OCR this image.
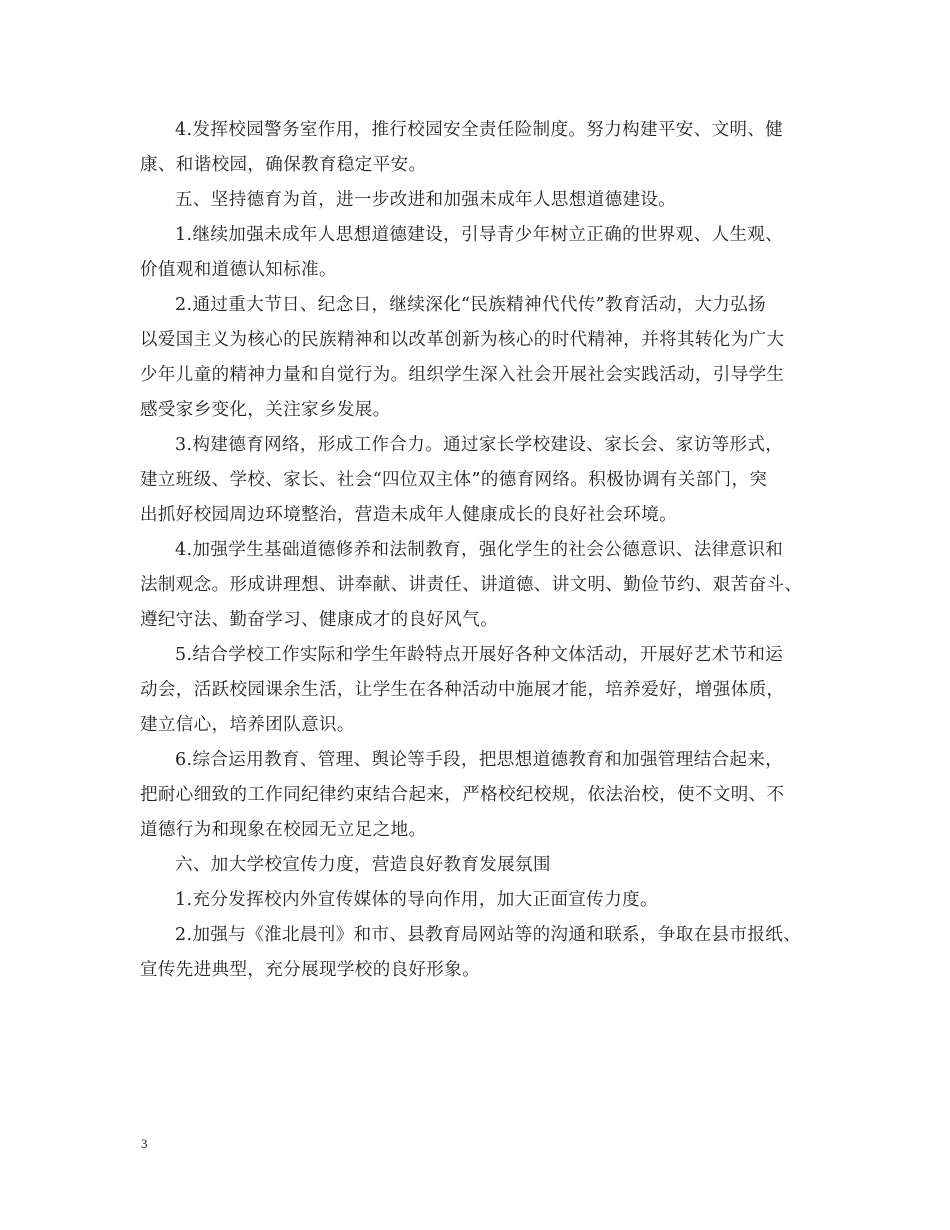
4.发挥校园警务室作用，推行校园安全责任险制度。努力构建平安、文明、健
康、和谐校园，确保教育稳定平安。
五、坚持德育为首，进一步改进和加强未成年人思想道德建设。
1.继续加强未成年人思想道德建设，引导青少年树立正确的世界观、人生观、
价值观和道德认知标准。
2.通过重大节日、纪念日，继续深化“民族精神代代传”教育活动，大力弘扬
以爱国主义为核心的民族精神和以改革创新为核心的时代精神，并将其转化为广大
少年儿童的精神力量和自觉行为。组织学生深入社会开展社会实践活动，引导学生
感受家乡变化，关注家乡发展。
3.构建德育网络，形成工作合力。通过家长学校建设、家长会、家访等形式，
建立班级、学校、家长、社会“四位双主体”的德育网络。积极协调有关部门，突
出抓好校园周边环境整治，营造未成年人健康成长的良好社会环境。
4.加强学生基础道德修养和法制教育，强化学生的社会公德意识、法律意识和
法制观念。形成讲理想、讲奉献、讲责任、讲道德、讲文明、勤俭节约、艰苦奋斗、
遵纪守法、勤奋学习、健康成才的良好风气。
5.结合学校工作实际和学生年龄特点开展好各种文体活动，开展好艺术节和运
动会，活跃校园课余生活，让学生在各种活动中施展才能，培养爱好，增强体质，
建立信心，培养团队意识。
6.综合运用教育、管理、舆论等手段，把思想道德教育和加强管理结合起来，
把耐心细致的工作同纪律约束结合起来，严格校纪校规，依法治校，使不文明、不
道德行为和现象在校园无立足之地。
六、加大学校宣传力度，营造良好教育发展氛围
1.充分发挥校内外宣传媒体的导向作用，加大正面宣传力度。
2.加强与《淮北晨刊》和市、县教育局网站等的沟通和联系，争取在县市报纸、
宣传先进典型，充分展现学校的良好形象。
3
